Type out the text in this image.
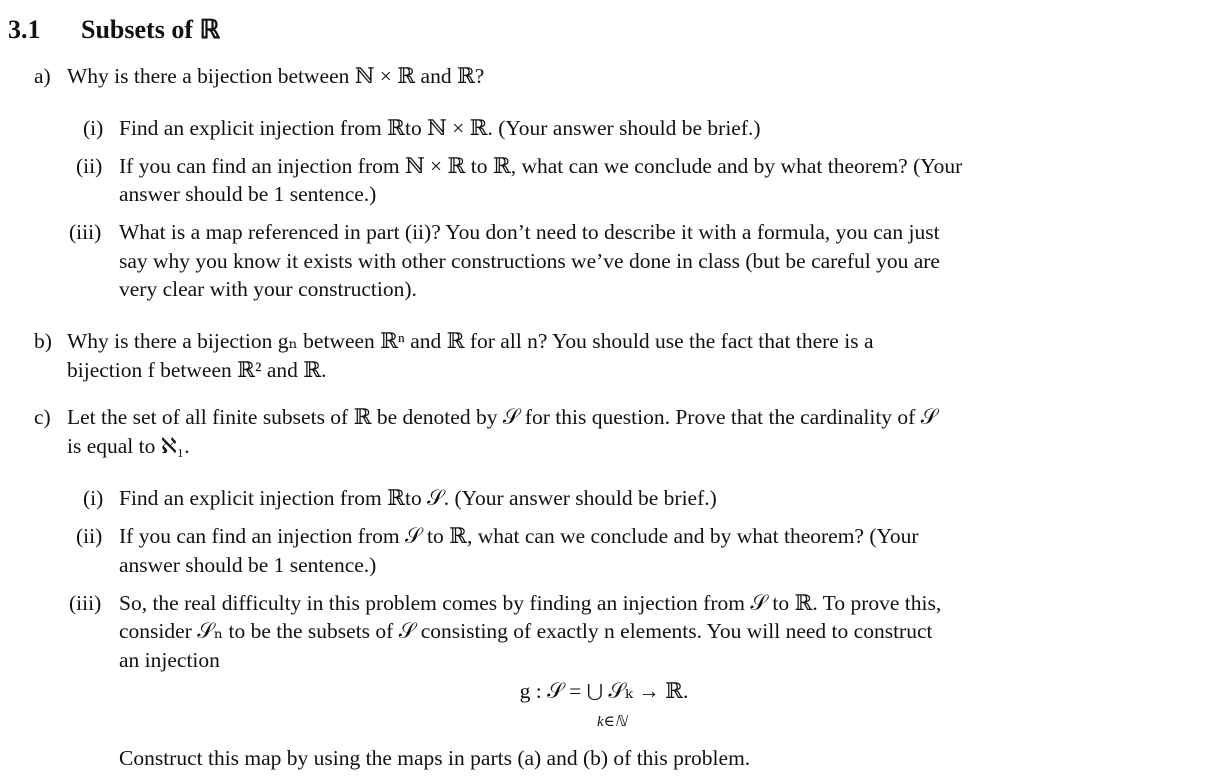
3.1 Subsets of ℝ
a) Why is there a bijection between ℕ × ℝ and ℝ?
(i) Find an explicit injection from ℝto ℕ × ℝ. (Your answer should be brief.)
(ii) If you can find an injection from ℕ × ℝ to ℝ, what can we conclude and by what theorem? (Your
answer should be 1 sentence.)
(iii) What is a map referenced in part (ii)? You don’t need to describe it with a formula, you can just
say why you know it exists with other constructions we’ve done in class (but be careful you are
very clear with your construction).
b) Why is there a bijection gₙ between ℝⁿ and ℝ for all n? You should use the fact that there is a
bijection f between ℝ² and ℝ.
c) Let the set of all finite subsets of ℝ be denoted by 𝒮 for this question. Prove that the cardinality of 𝒮
is equal to ℵ₁.
(i) Find an explicit injection from ℝto 𝒮. (Your answer should be brief.)
(ii) If you can find an injection from 𝒮 to ℝ, what can we conclude and by what theorem? (Your
answer should be 1 sentence.)
(iii) So, the real difficulty in this problem comes by finding an injection from 𝒮 to ℝ. To prove this,
consider 𝒮ₙ to be the subsets of 𝒮 consisting of exactly n elements. You will need to construct
an injection
g : 𝒮 = ⋃ 𝒮ₖ → ℝ.
k∈ℕ
Construct this map by using the maps in parts (a) and (b) of this problem.
